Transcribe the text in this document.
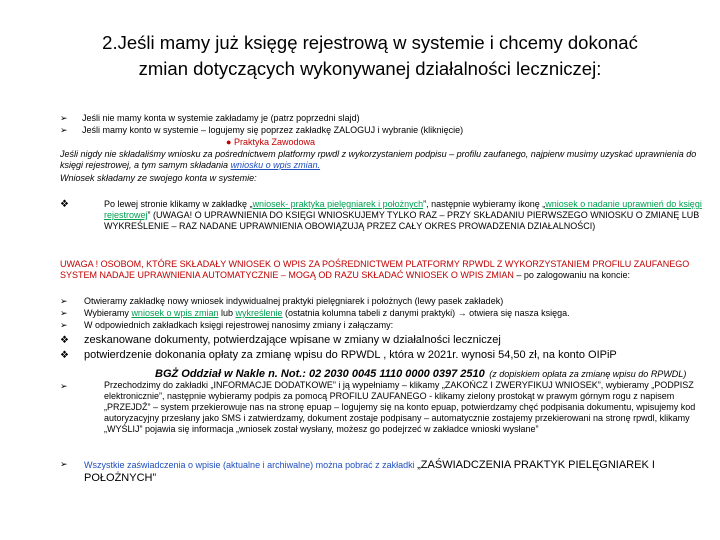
2.Jeśli mamy już księgę rejestrową w systemie i chcemy dokonać zmian dotyczących wykonywanej działalności leczniczej:
➢ Jeśli nie mamy konta w systemie zakładamy je (patrz poprzedni slajd)
➢ Jeśli mamy konto w systemie – logujemy się poprzez zakładkę ZALOGUJ i wybranie (kliknięcie)
● Praktyka Zawodowa
Jeśli nigdy nie składaliśmy wniosku za pośrednictwem platformy rpwdl z wykorzystaniem podpisu – profilu zaufanego, najpierw musimy uzyskać uprawnienia do księgi rejestrowej, a tym samym składania wniosku o wpis zmian.
Wniosek składamy ze swojego konta w systemie:
❖	Po lewej stronie klikamy w zakładkę „wniosek- praktyka pielęgniarek i położnych”, następnie wybieramy ikonę „wniosek o nadanie uprawnień do księgi rejestrowej” (UWAGA! O UPRAWNIENIA DO KSIĘGI WNIOSKUJEMY TYLKO RAZ – PRZY SKŁADANIU PIERWSZEGO WNIOSKU O ZMIANĘ LUB WYKREŚLENIE – RAZ NADANE UPRAWNIENIA OBOWIĄZUJĄ PRZEZ CAŁY OKRES PROWADZENIA DZIAŁALNOŚCI)
UWAGA ! OSOBOM, KTÓRE SKŁADAŁY WNIOSEK O WPIS ZA POŚREDNICTWEM PLATFORMY RPWDL Z WYKORZYSTANIEM PROFILU ZAUFANEGO SYSTEM NADAJE UPRAWNIENIA AUTOMATYCZNIE – MOGĄ OD RAZU SKŁADAĆ WNIOSEK O WPIS ZMIAN – po zalogowaniu na koncie:
➢ Otwieramy zakładkę nowy wniosek indywidualnej praktyki pielęgniarek i położnych (lewy pasek zakładek)
➢ Wybieramy wniosek o wpis zmian lub wykreślenie (ostatnia kolumna tabeli z danymi praktyki) → otwiera się nasza księga.
➢ W odpowiednich zakładkach księgi rejestrowej nanosimy zmiany i załączamy:
❖ zeskanowane dokumenty, potwierdzające wpisane w zmiany w działalności leczniczej
❖ potwierdzenie dokonania opłaty za zmianę wpisu do RPWDL , która w 2021r. wynosi 54,50 zł, na konto OIPiP
BGŻ Oddział w Nakle n. Not.: 02 2030 0045 1110 0000 0397 2510 (z dopiskiem opłata za zmianę wpisu do RPWDL)
➢	Przechodzimy do zakładki „INFORMACJE DODATKOWE” i ją wypełniamy – klikamy „ZAKOŃCZ I ZWERYFIKUJ WNIOSEK”, wybieramy „PODPISZ elektronicznie”, następnie wybieramy podpis za pomocą PROFILU ZAUFANEGO - klikamy zielony prostokąt w prawym górnym rogu z napisem „PRZEJDŹ” – system przekierowuje nas na stronę epuap – logujemy się na konto epuap, potwierdzamy chęć podpisania dokumentu, wpisujemy kod autoryzacyjny przesłany jako SMS i zatwierdzamy, dokument zostaje podpisany – automatycznie zostajemy przekierowani na stronę rpwdl, klikamy „WYŚLIJ” pojawia się informacja „wniosek został wysłany, możesz go podejrzeć w zakładce wnioski wysłane”
➢ Wszystkie zaświadczenia o wpisie (aktualne i archiwalne) można pobrać z zakładki „ZAŚWIADCZENIA PRAKTYK PIELĘGNIAREK I POŁOŻNYCH”
